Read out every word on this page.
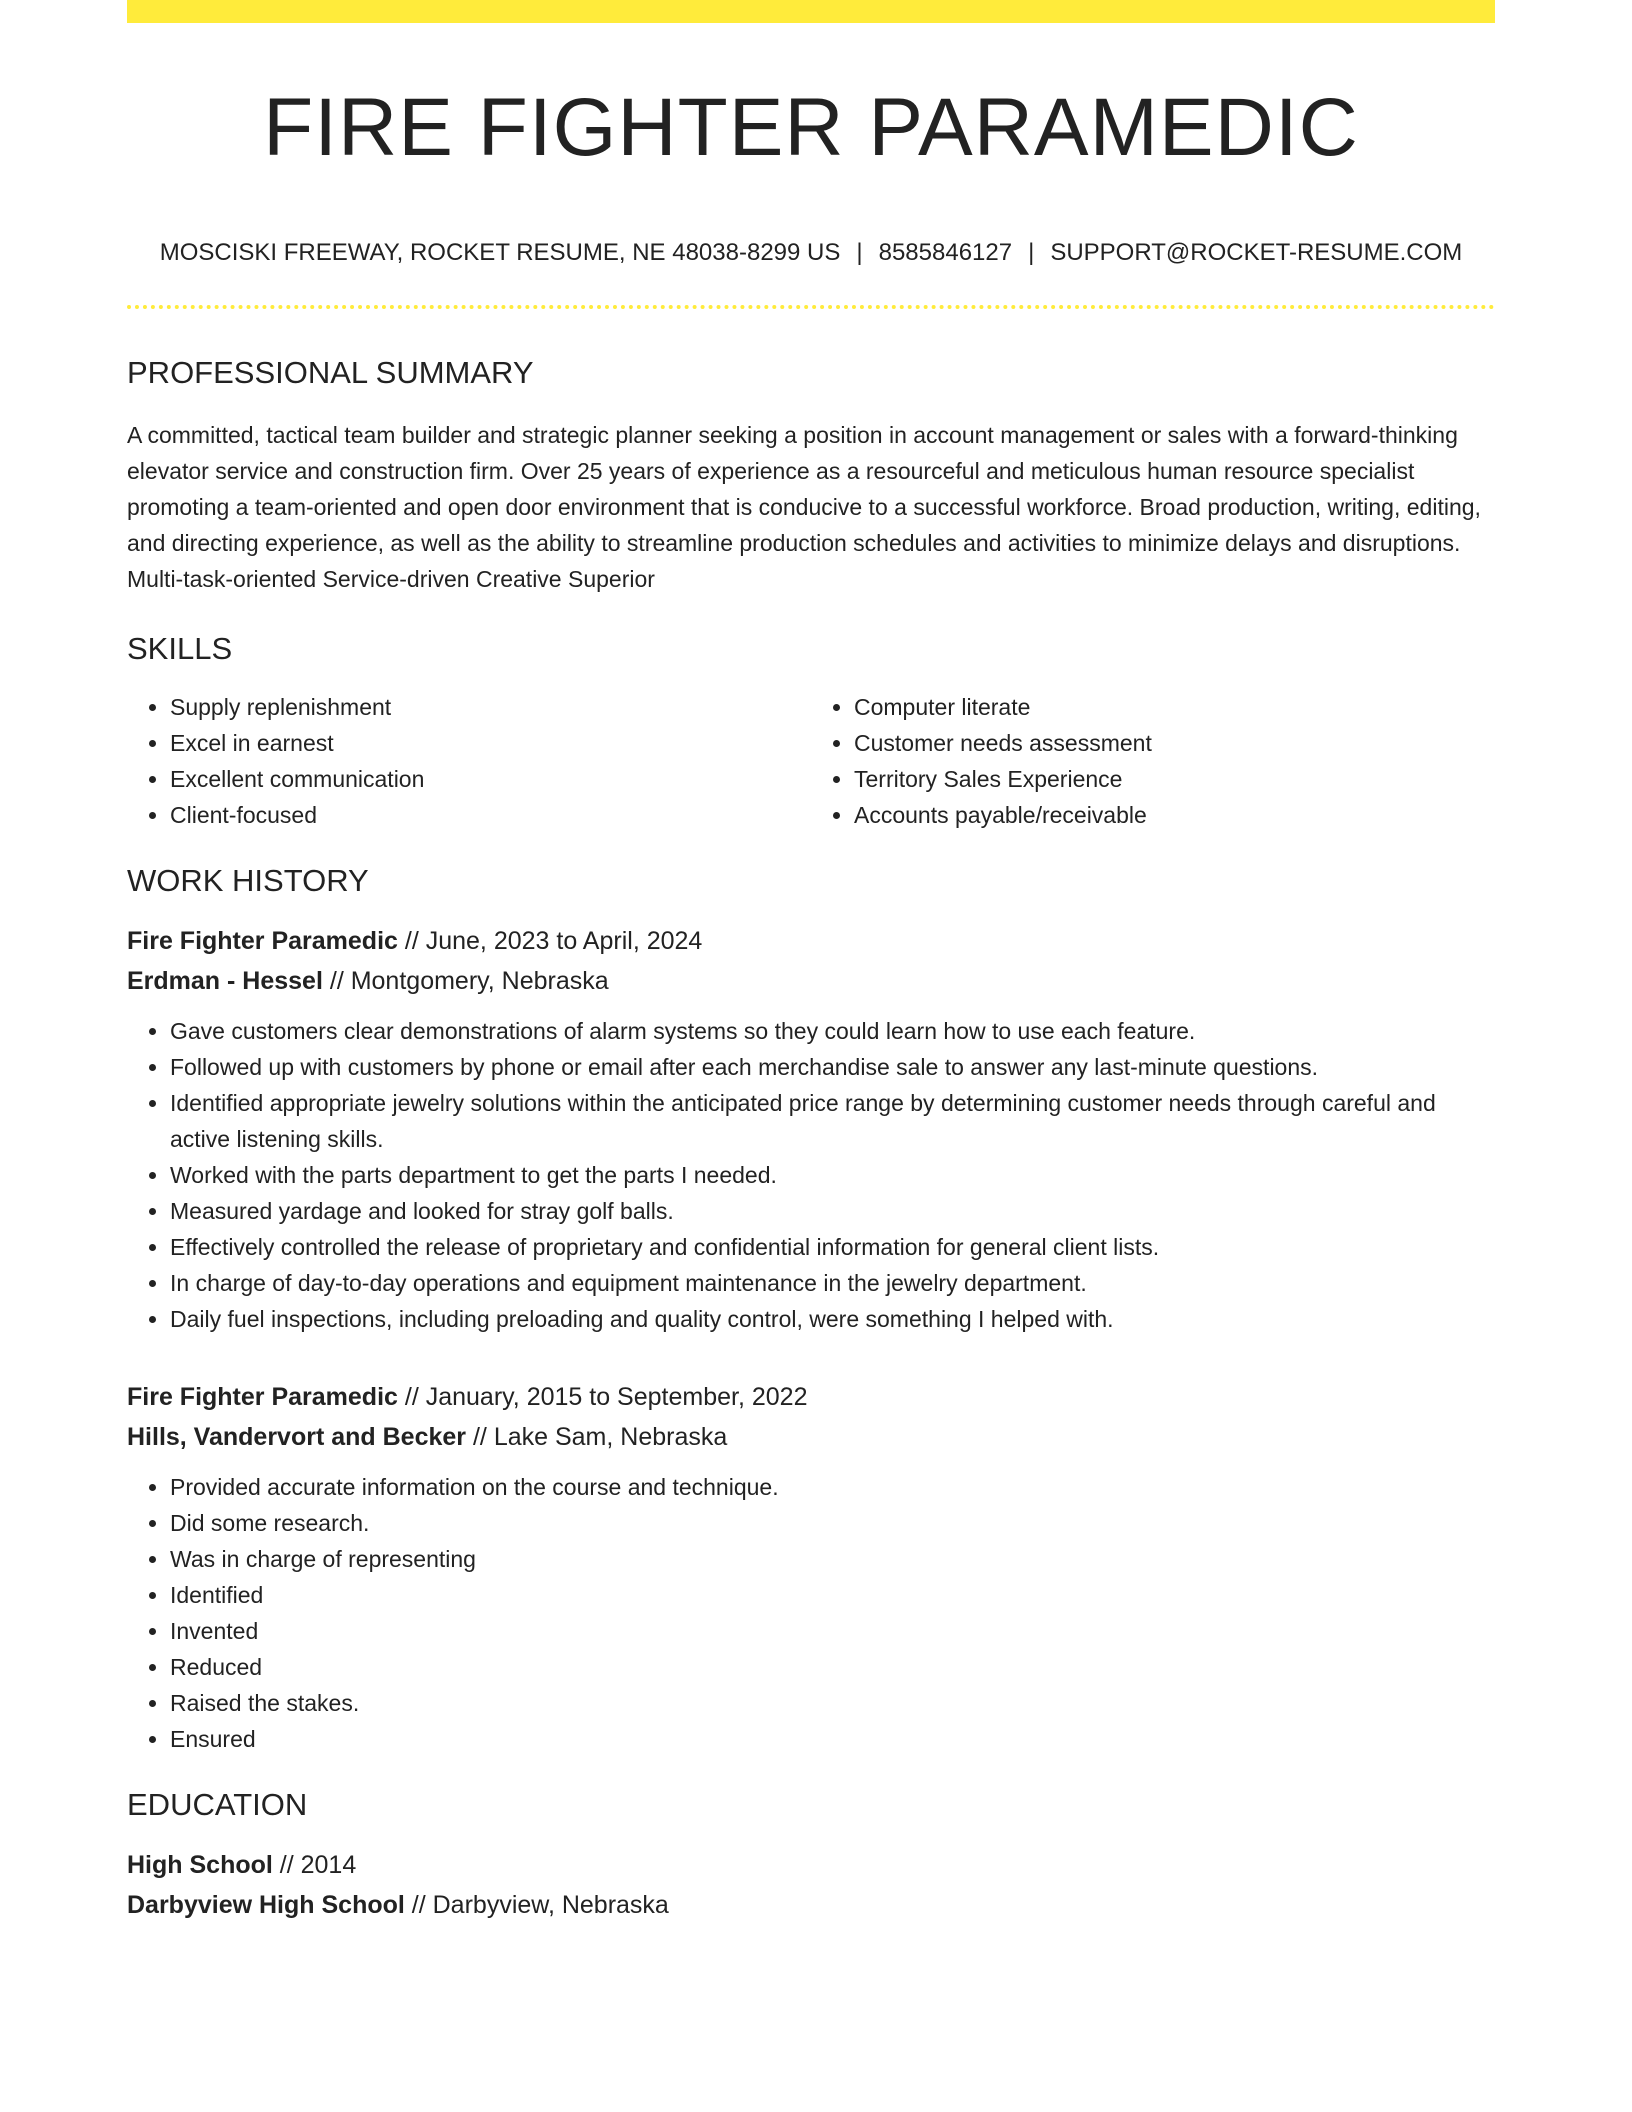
FIRE FIGHTER PARAMEDIC
MOSCISKI FREEWAY, ROCKET RESUME, NE 48038-8299 US | 8585846127 | SUPPORT@ROCKET-RESUME.COM
PROFESSIONAL SUMMARY
A committed, tactical team builder and strategic planner seeking a position in account management or sales with a forward-thinking elevator service and construction firm. Over 25 years of experience as a resourceful and meticulous human resource specialist promoting a team-oriented and open door environment that is conducive to a successful workforce. Broad production, writing, editing, and directing experience, as well as the ability to streamline production schedules and activities to minimize delays and disruptions. Multi-task-oriented Service-driven Creative Superior
SKILLS
• Supply replenishment
• Excel in earnest
• Excellent communication
• Client-focused
• Computer literate
• Customer needs assessment
• Territory Sales Experience
• Accounts payable/receivable
WORK HISTORY
Fire Fighter Paramedic // June, 2023 to April, 2024
Erdman - Hessel // Montgomery, Nebraska
• Gave customers clear demonstrations of alarm systems so they could learn how to use each feature.
• Followed up with customers by phone or email after each merchandise sale to answer any last-minute questions.
• Identified appropriate jewelry solutions within the anticipated price range by determining customer needs through careful and active listening skills.
• Worked with the parts department to get the parts I needed.
• Measured yardage and looked for stray golf balls.
• Effectively controlled the release of proprietary and confidential information for general client lists.
• In charge of day-to-day operations and equipment maintenance in the jewelry department.
• Daily fuel inspections, including preloading and quality control, were something I helped with.
Fire Fighter Paramedic // January, 2015 to September, 2022
Hills, Vandervort and Becker // Lake Sam, Nebraska
• Provided accurate information on the course and technique.
• Did some research.
• Was in charge of representing
• Identified
• Invented
• Reduced
• Raised the stakes.
• Ensured
EDUCATION
High School // 2014
Darbyview High School // Darbyview, Nebraska
